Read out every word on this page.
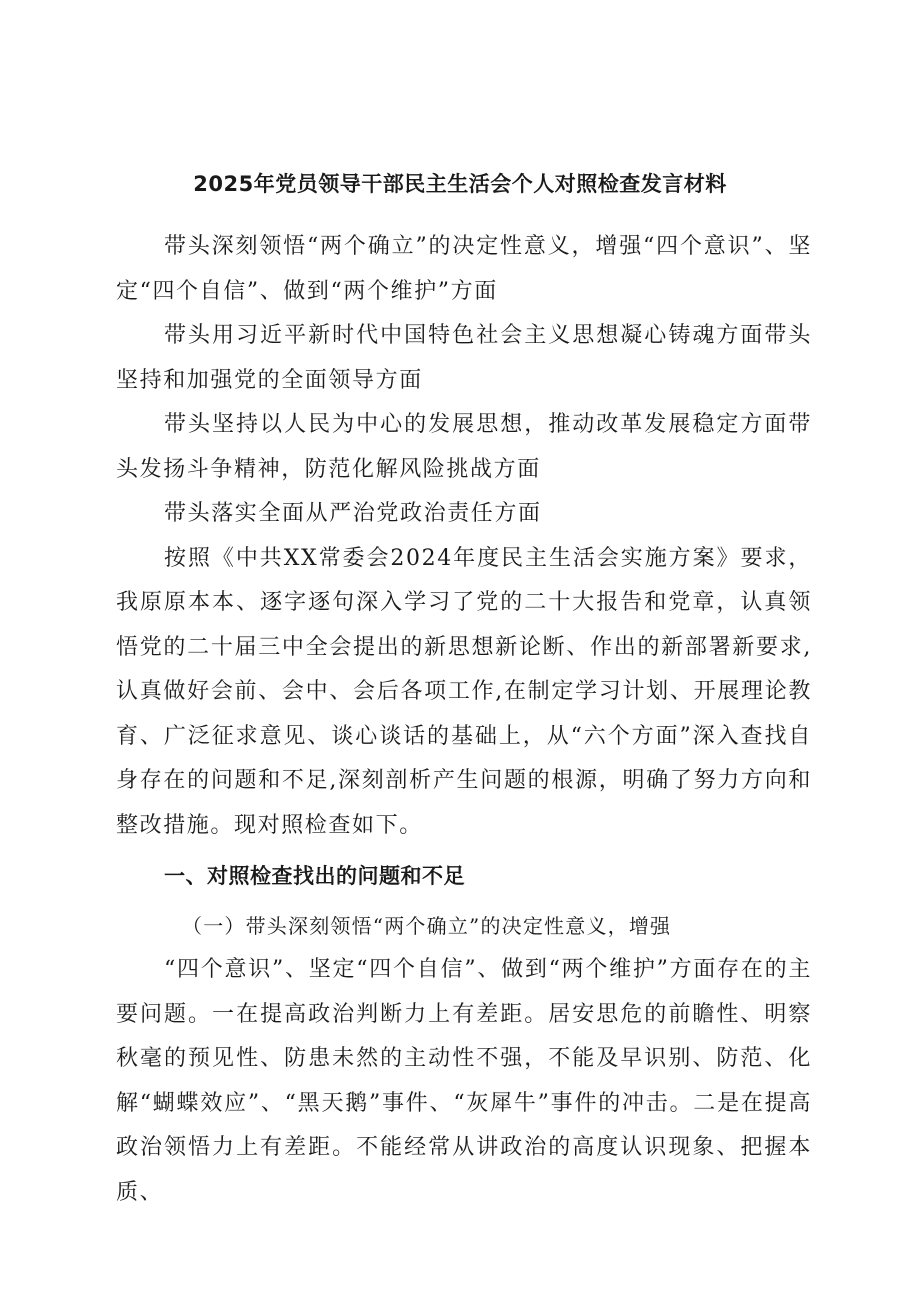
2025年党员领导干部民主生活会个人对照检查发言材料

带头深刻领悟“两个确立”的决定性意义，增强“四个意识”、坚定“四个自信”、做到“两个维护”方面

带头用习近平新时代中国特色社会主义思想凝心铸魂方面带头坚持和加强党的全面领导方面

带头坚持以人民为中心的发展思想，推动改革发展稳定方面带头发扬斗争精神，防范化解风险挑战方面

带头落实全面从严治党政治责任方面

按照《中共XX常委会2024年度民主生活会实施方案》要求，我原原本本、逐字逐句深入学习了党的二十大报告和党章，认真领悟党的二十届三中全会提出的新思想新论断、作出的新部署新要求,认真做好会前、会中、会后各项工作,在制定学习计划、开展理论教育、广泛征求意见、谈心谈话的基础上，从“六个方面”深入查找自身存在的问题和不足,深刻剖析产生问题的根源，明确了努力方向和整改措施。现对照检查如下。

一、对照检查找出的问题和不足

（一）带头深刻领悟“两个确立”的决定性意义，增强

“四个意识”、坚定“四个自信”、做到“两个维护”方面存在的主要问题。一在提高政治判断力上有差距。居安思危的前瞻性、明察秋毫的预见性、防患未然的主动性不强，不能及早识别、防范、化解“蝴蝶效应”、“黑天鹅”事件、“灰犀牛”事件的冲击。二是在提高政治领悟力上有差距。不能经常从讲政治的高度认识现象、把握本质、
